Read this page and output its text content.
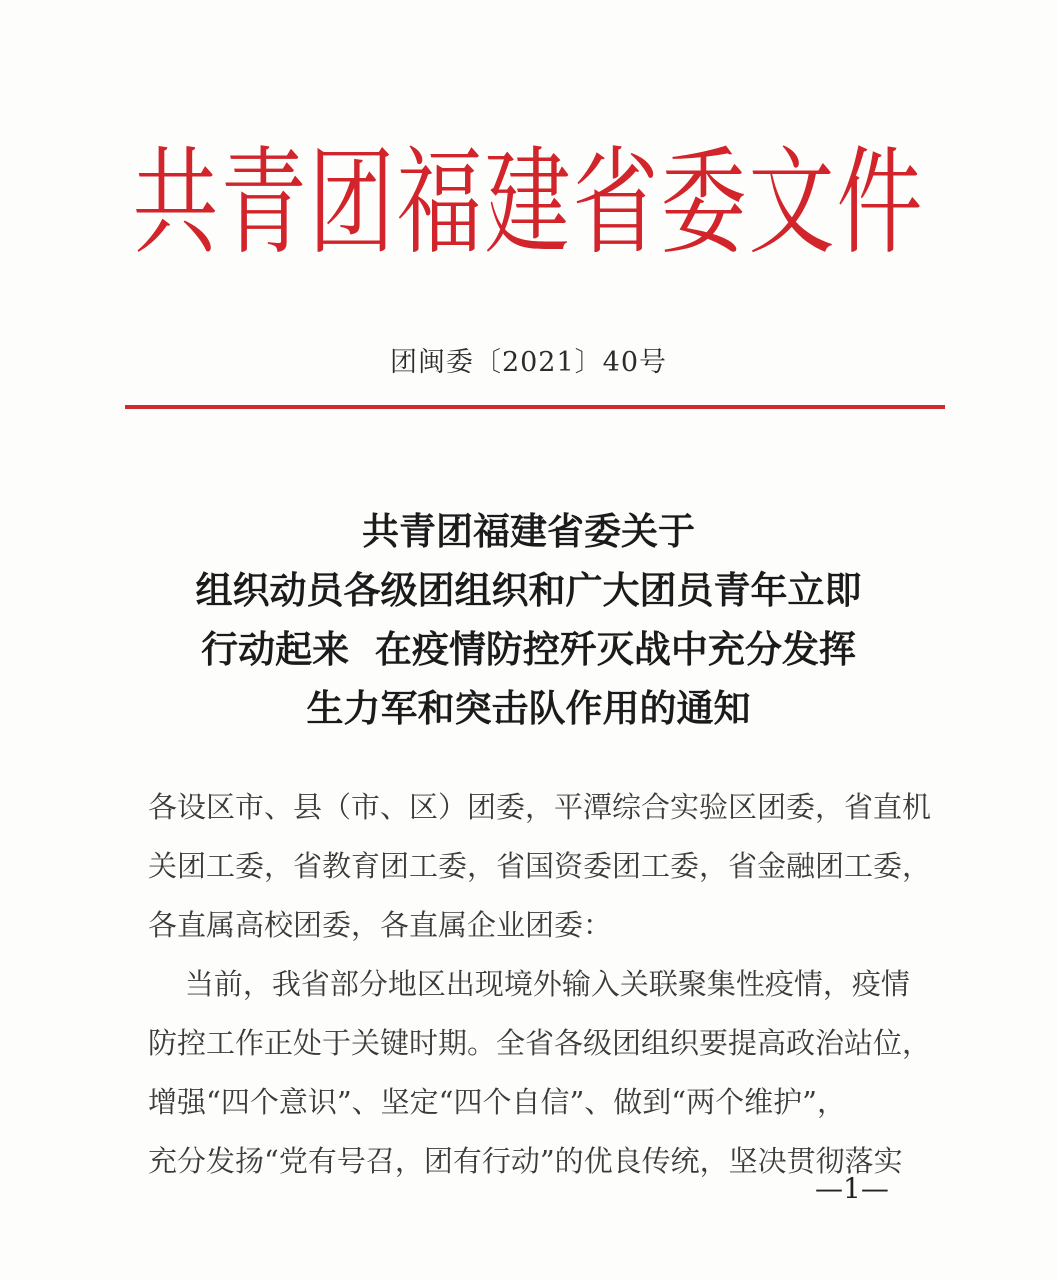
共青团福建省委文件
团闽委〔2021〕40号
共青团福建省委关于
组织动员各级团组织和广大团员青年立即
行动起来  在疫情防控歼灭战中充分发挥
生力军和突击队作用的通知
各设区市、县（市、区）团委，平潭综合实验区团委，省直机
关团工委，省教育团工委，省国资委团工委，省金融团工委，
各直属高校团委，各直属企业团委：
当前，我省部分地区出现境外输入关联聚集性疫情，疫情
防控工作正处于关键时期。全省各级团组织要提高政治站位，
增强“四个意识”、坚定“四个自信”、做到“两个维护”，
充分发扬“党有号召，团有行动”的优良传统，坚决贯彻落实
—1—
